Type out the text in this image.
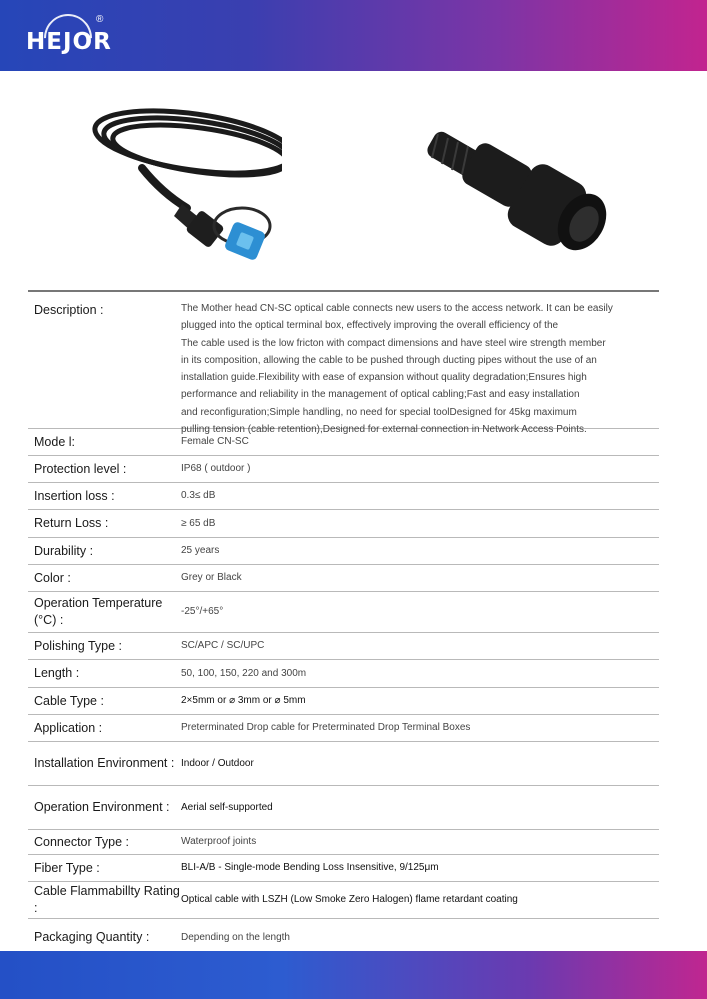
HEJOR
®
Description :	The Mother head CN-SC optical cable connects new users to the access network. It can be easily
plugged into the optical terminal box, effectively improving the overall efficiency of the
The cable used is the low fricton with compact dimensions and have steel wire strength member
in its composition, allowing the cable to be pushed through ducting pipes without the use of an
installation guide.Flexibility with ease of expansion without quality degradation;Ensures high
performance and reliability in the management of optical cabling;Fast and easy installation
and reconfiguration;Simple handling, no need for special toolDesigned for 45kg maximum
pulling tension (cable retention),Designed for external connection in Network Access Points.
Mode l:	Female CN-SC
Protection level :	IP68 ( outdoor )
Insertion loss :	0.3≤ dB
Return Loss :	≥ 65 dB
Durability :	25 years
Color :	Grey or Black
Operation Temperature (°C) :
-25°/+65°
Polishing Type :	SC/APC / SC/UPC
Length :	50, 100, 150, 220 and 300m
Cable Type :	2×5mm or ⌀ 3mm or ⌀ 5mm
Application :	Preterminated Drop cable for Preterminated Drop Terminal Boxes
Installation Environment : Indoor / Outdoor
Operation Environment :	Aerial self-supported
Connector Type :	Waterproof joints
Fiber Type :	BLI-A/B - Single-mode Bending Loss Insensitive, 9/125μm
Cable Flammabillty Rating :
Optical cable with LSZH (Low Smoke Zero Halogen) flame retardant coating
Packaging Quantity :	Depending on the length
